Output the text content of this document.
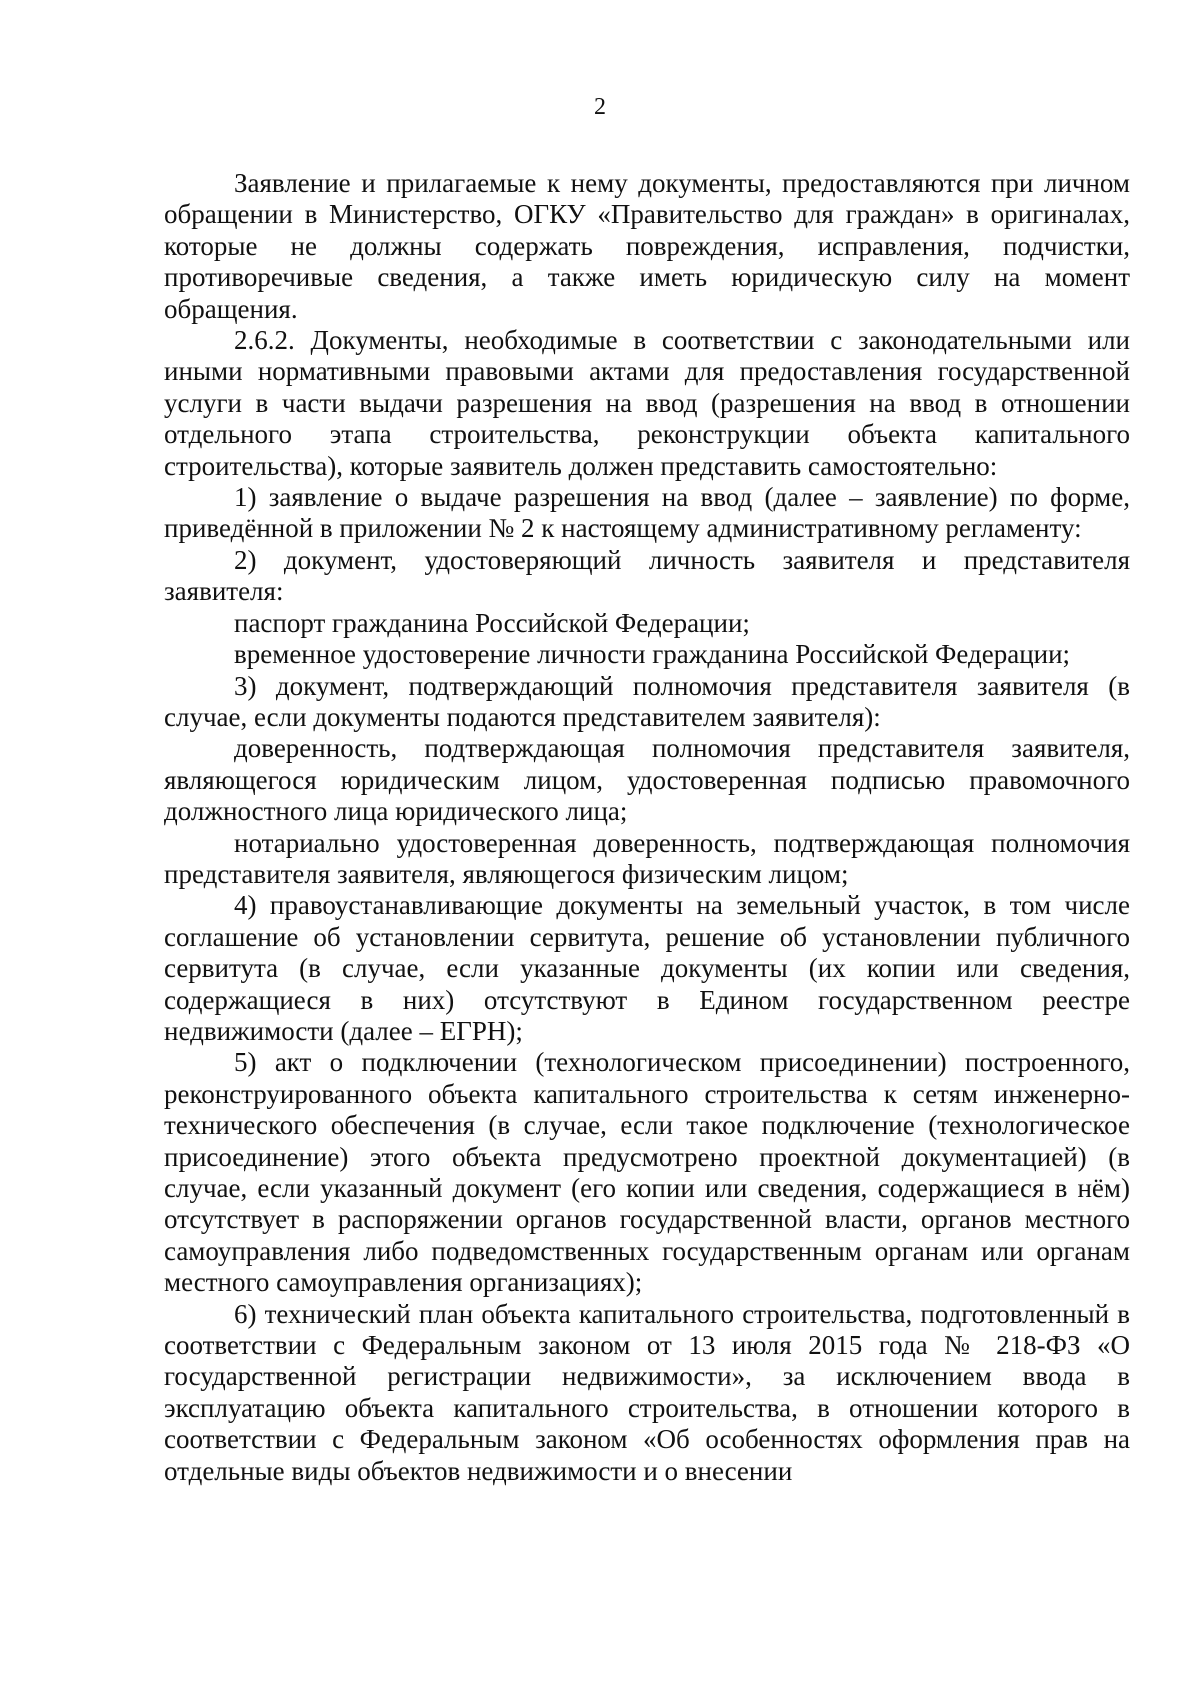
2

Заявление и прилагаемые к нему документы, предоставляются при личном обращении в Министерство, ОГКУ «Правительство для граждан» в оригиналах, которые не должны содержать повреждения, исправления, подчистки, противоречивые сведения, а также иметь юридическую силу на момент обращения.

2.6.2. Документы, необходимые в соответствии с законодательными или иными нормативными правовыми актами для предоставления государственной услуги в части выдачи разрешения на ввод (разрешения на ввод в отношении отдельного этапа строительства, реконструкции объекта капитального строительства), которые заявитель должен представить самостоятельно:

1) заявление о выдаче разрешения на ввод (далее – заявление) по форме, приведённой в приложении № 2 к настоящему административному регламенту:

2) документ, удостоверяющий личность заявителя и представителя заявителя:

паспорт гражданина Российской Федерации;

временное удостоверение личности гражданина Российской Федерации;

3) документ, подтверждающий полномочия представителя заявителя (в случае, если документы подаются представителем заявителя):

доверенность, подтверждающая полномочия представителя заявителя, являющегося юридическим лицом, удостоверенная подписью правомочного должностного лица юридического лица;

нотариально удостоверенная доверенность, подтверждающая полномочия представителя заявителя, являющегося физическим лицом;

4) правоустанавливающие документы на земельный участок, в том числе соглашение об установлении сервитута, решение об установлении публичного сервитута (в случае, если указанные документы (их копии или сведения, содержащиеся в них) отсутствуют в Едином государственном реестре недвижимости (далее – ЕГРН);

5) акт о подключении (технологическом присоединении) построенного, реконструированного объекта капитального строительства к сетям инженерно-технического обеспечения (в случае, если такое подключение (технологическое присоединение) этого объекта предусмотрено проектной документацией) (в случае, если указанный документ (его копии или сведения, содержащиеся в нём) отсутствует в распоряжении органов государственной власти, органов местного самоуправления либо подведомственных государственным органам или органам местного самоуправления организациях);

6) технический план объекта капитального строительства, подготовленный в соответствии с Федеральным законом от 13 июля 2015 года № 218-ФЗ «О государственной регистрации недвижимости», за исключением ввода в эксплуатацию объекта капитального строительства, в отношении которого в соответствии с Федеральным законом «Об особенностях оформления прав на отдельные виды объектов недвижимости и о внесении
